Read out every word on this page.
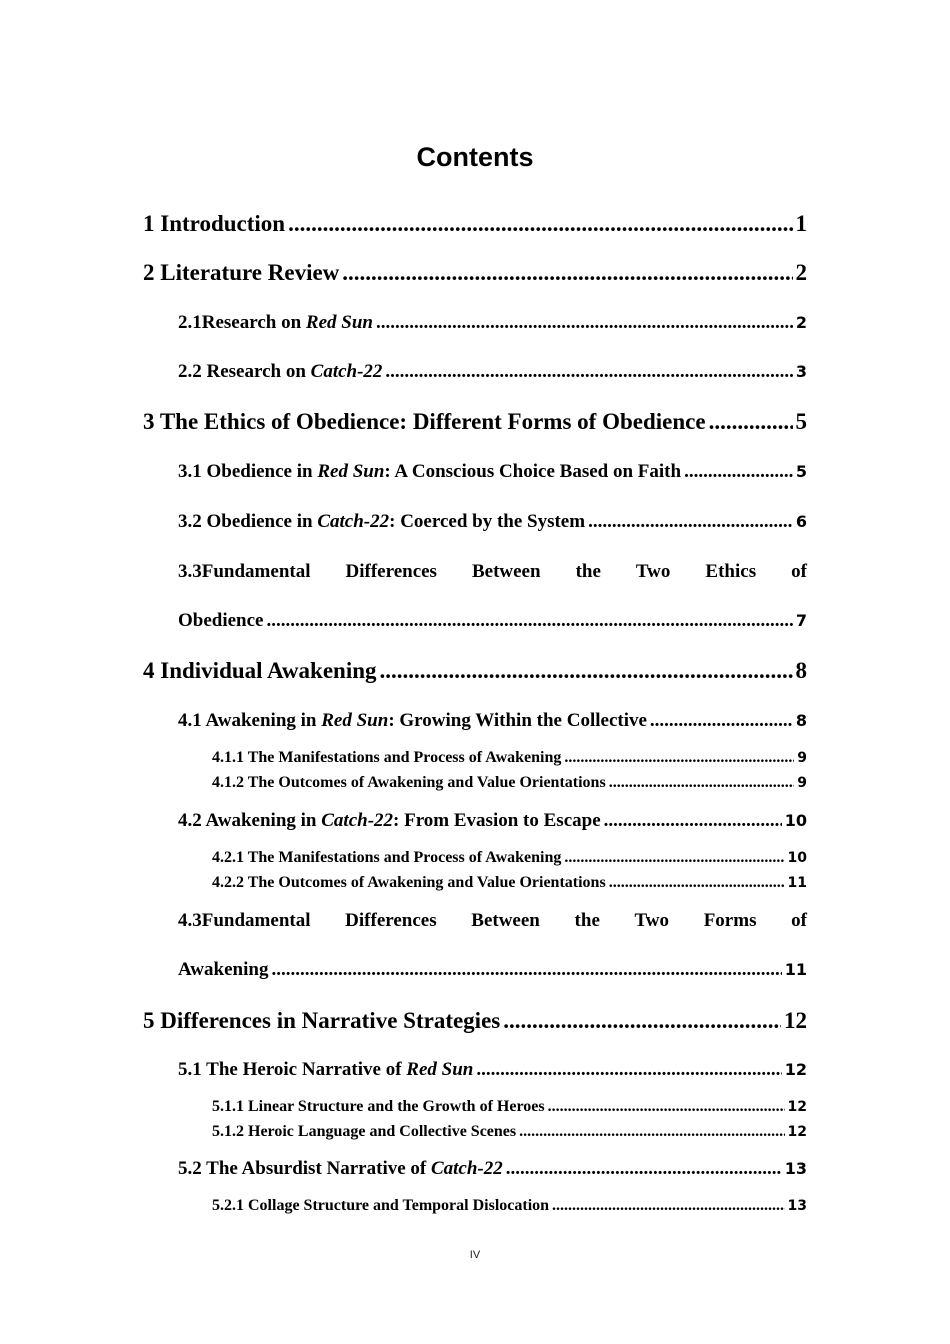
Contents
1 Introduction .....	1
2 Literature Review .....	2
2.1Research on Red Sun .....	2
2.2 Research on Catch-22 .....	3
3 The Ethics of Obedience: Different Forms of Obedience .....	5
3.1 Obedience in Red Sun: A Conscious Choice Based on Faith .....	5
3.2 Obedience in Catch-22: Coerced by the System .....	6
3.3Fundamental Differences Between the Two Ethics of
Obedience .....	7
4 Individual Awakening .....	8
4.1 Awakening in Red Sun: Growing Within the Collective .....	8
4.1.1 The Manifestations and Process of Awakening .....	9
4.1.2 The Outcomes of Awakening and Value Orientations .....	9
4.2 Awakening in Catch-22: From Evasion to Escape .....	10
4.2.1 The Manifestations and Process of Awakening .....	10
4.2.2 The Outcomes of Awakening and Value Orientations .....	11
4.3Fundamental Differences Between the Two Forms of
Awakening .....	11
5 Differences in Narrative Strategies .....	12
5.1 The Heroic Narrative of Red Sun .....	12
5.1.1 Linear Structure and the Growth of Heroes .....	12
5.1.2 Heroic Language and Collective Scenes .....	12
5.2 The Absurdist Narrative of Catch-22 .....	13
5.2.1 Collage Structure and Temporal Dislocation .....	13
IV
